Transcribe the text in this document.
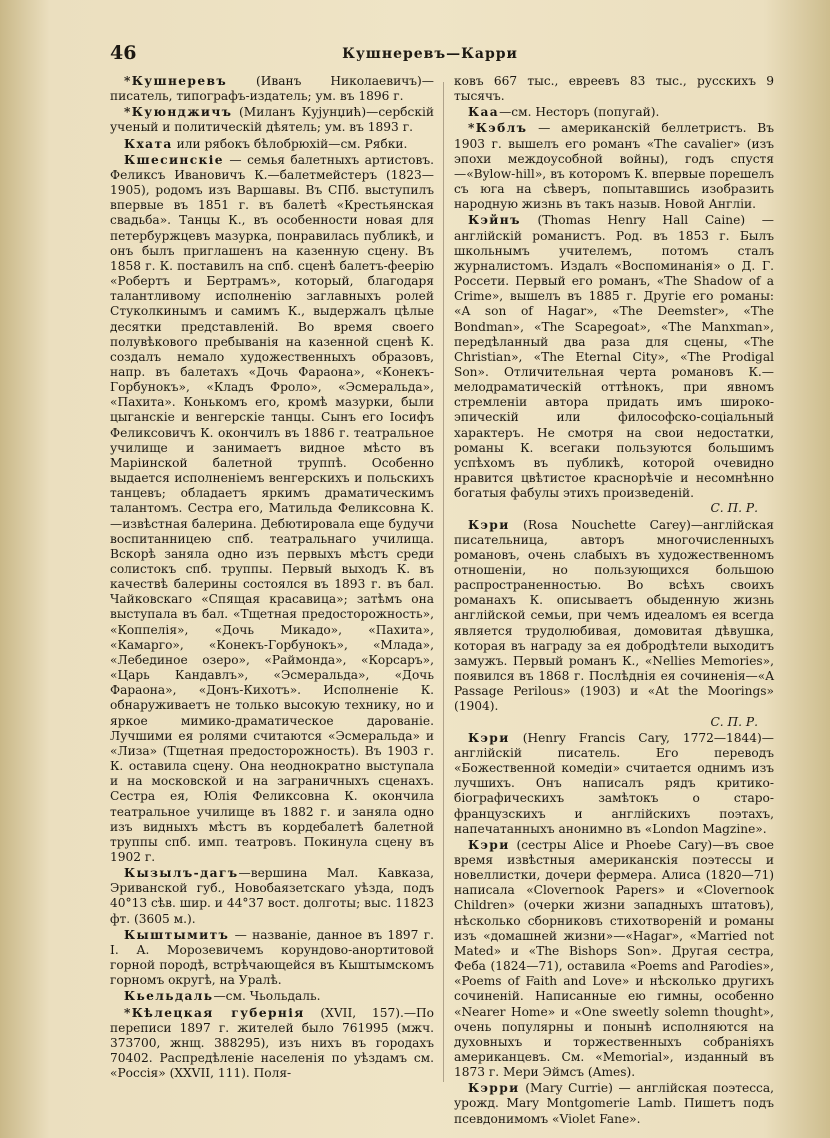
46	Кушнеревъ—Карри

*Кушнеревъ (Иванъ Николаевичъ)—писатель, типографъ-издатель; ум. въ 1896 г.

*Куюнджичъ (Миланъ Кујунџић)—сербскій ученый и политическій дѣятель; ум. въ 1893 г.

Кхата или рябокъ бѣлобрюхій—см. Рябки.

Кшесинскіе — семья балетныхъ артистовъ. Феликсъ Ивановичъ К.—балетмейстеръ (1823—1905), родомъ изъ Варшавы. Въ СПб. выступилъ впервые въ 1851 г. въ балетѣ «Крестьянская свадьба». Танцы К., въ особенности новая для петербуржцевъ мазурка, понравилась публикѣ, и онъ былъ приглашенъ на казенную сцену. Въ 1858 г. К. поставилъ на спб. сценѣ балетъ-феерію «Робертъ и Бертрамъ», который, благодаря талантливому исполненію заглавныхъ ролей Стуколкинымъ и самимъ К., выдержалъ цѣлые десятки представленій. Во время своего полувѣкового пребыванія на казенной сценѣ К. создалъ немало художественныхъ образовъ, напр. въ балетахъ «Дочь Фараона», «Конекъ-Горбунокъ», «Кладъ Фроло», «Эсмеральда», «Пахита». Конькомъ его, кромѣ мазурки, были цыганскіе и венгерскіе танцы. Сынъ его Іосифъ Феликсовичъ К. окончилъ въ 1886 г. театральное училище и занимаетъ видное мѣсто въ Маріинской балетной труппѣ. Особенно выдается исполненіемъ венгерскихъ и польскихъ танцевъ; обладаетъ яркимъ драматическимъ талантомъ. Сестра его, Матильда Феликсовна К.—извѣстная балерина. Дебютировала еще будучи воспитанницею спб. театральнаго училища. Вскорѣ заняла одно изъ первыхъ мѣстъ среди солистокъ спб. труппы. Первый выходъ К. въ качествѣ балерины состоялся въ 1893 г. въ бал. Чайковскаго «Спящая красавица»; затѣмъ она выступала въ бал. «Тщетная предосторожность», «Коппелія», «Дочь Микадо», «Пахита», «Камарго», «Конекъ-Горбунокъ», «Млада», «Лебединое озеро», «Раймонда», «Корсаръ», «Царь Кандавлъ», «Эсмеральда», «Дочь Фараона», «Донъ-Кихотъ». Исполненіе К. обнаруживаетъ не только высокую технику, но и яркое мимико-драматическое дарованіе. Лучшими ея ролями считаются «Эсмеральда» и «Лиза» (Тщетная предосторожность). Въ 1903 г. К. оставила сцену. Она неоднократно выступала и на московской и на заграничныхъ сценахъ. Сестра ея, Юлія Феликсовна К. окончила театральное училище въ 1882 г. и заняла одно изъ видныхъ мѣстъ въ кордебалетѣ балетной труппы спб. имп. театровъ. Покинула сцену въ 1902 г.

Кызылъ-дагъ—вершина Мал. Кавказа, Эриванской губ., Новобаязетскаго уѣзда, подъ 40°13 сѣв. шир. и 44°37 вост. долготы; выс. 11823 фт. (3605 м.).

Кыштымитъ — названіе, данное въ 1897 г. І. А. Морозевичемъ корундово-анортитовой горной породѣ, встрѣчающейся въ Кыштымскомъ горномъ округѣ, на Уралѣ.

Кьельдаль—см. Чьольдаль.

*Кѣлецкая губернія (XVII, 157).—По переписи 1897 г. жителей было 761995 (мжч. 373700, жнщ. 388295), изъ нихъ въ городахъ 70402. Распредѣленіе населенія по уѣздамъ см. «Россія» (XXVII, 111). Поля-

ковъ 667 тыс., евреевъ 83 тыс., русскихъ 9 тысячъ.

Каа—см. Несторъ (попугай).

*Кэблъ — американскій беллетристъ. Въ 1903 г. вышелъ его романъ «The cavalier» (изъ эпохи междоусобной войны), годъ спустя —«Bylow-hill», въ которомъ К. впервые порешелъ съ юга на сѣверъ, попытавшись изобразить народную жизнь въ такъ назыв. Новой Англіи.

Кэйнъ (Thomas Henry Hall Caine) — англійскій романистъ. Род. въ 1853 г. Былъ школьнымъ учителемъ, потомъ сталъ журналистомъ. Издалъ «Воспоминанія» о Д. Г. Россети. Первый его романъ, «The Shadow of a Crime», вышелъ въ 1885 г. Другіе его романы: «A son of Hagar», «The Deemster», «The Bondman», «The Scapegoat», «The Manxman», передѣланный два раза для сцены, «The Christian», «The Eternal City», «The Prodigal Son». Отличительная черта романовъ К.—мелодраматическій оттѣнокъ, при явномъ стремленіи автора придать имъ широко-эпическій или философско-соціальный характеръ. Не смотря на свои недостатки, романы К. всегаки пользуются большимъ успѣхомъ въ публикѣ, которой очевидно нравится цвѣтистое краснорѣчіе и несомнѣнно богатыя фабулы этихъ произведеній.
С. П. Р.

Кэри (Rosa Nouchette Carey)—англійская писательница, авторъ многочисленныхъ романовъ, очень слабыхъ въ художественномъ отношеніи, но пользующихся большою распространенностью. Во всѣхъ своихъ романахъ К. описываетъ обыденную жизнь англійской семьи, при чемъ идеаломъ ея всегда является трудолюбивая, домовитая дѣвушка, которая въ награду за ея добродѣтели выходитъ замужъ. Первый романъ К., «Nellies Memories», появился въ 1868 г. Послѣднія ея сочиненія—«A Passage Perilous» (1903) и «At the Moorings» (1904).
С. П. Р.

Кэри (Henry Francis Cary, 1772—1844)—англійскій писатель. Его переводъ «Божественной комедіи» считается однимъ изъ лучшихъ. Онъ написалъ рядъ критико-біографическихъ замѣтокъ о старо-французскихъ и англійскихъ поэтахъ, напечатанныхъ анонимно въ «London Magzine».

Кэри (сестры Alice и Phoebe Cary)—въ свое время извѣстныя американскія поэтессы и новеллистки, дочери фермера. Алиса (1820—71) написала «Clovernook Papers» и «Clovernook Children» (очерки жизни западныхъ штатовъ), нѣсколько сборниковъ стихотвореній и романы изъ «домашней жизни»—«Hagar», «Married not Mated» и «The Bishops Son». Другая сестра, Феба (1824—71), оставила «Poems and Parodies», «Poems of Faith and Love» и нѣсколько другихъ сочиненій. Написанные ею гимны, особенно «Nearer Home» и «One sweetly solemn thought», очень популярны и понынѣ исполняются на духовныхъ и торжественныхъ собраніяхъ американцевъ. См. «Memorial», изданный въ 1873 г. Мери Эймсъ (Ames).

Кэрри (Mary Currie) — англійская поэтесса, урожд. Mary Montgomerie Lamb. Пишетъ подъ псевдонимомъ «Violet Fane».
